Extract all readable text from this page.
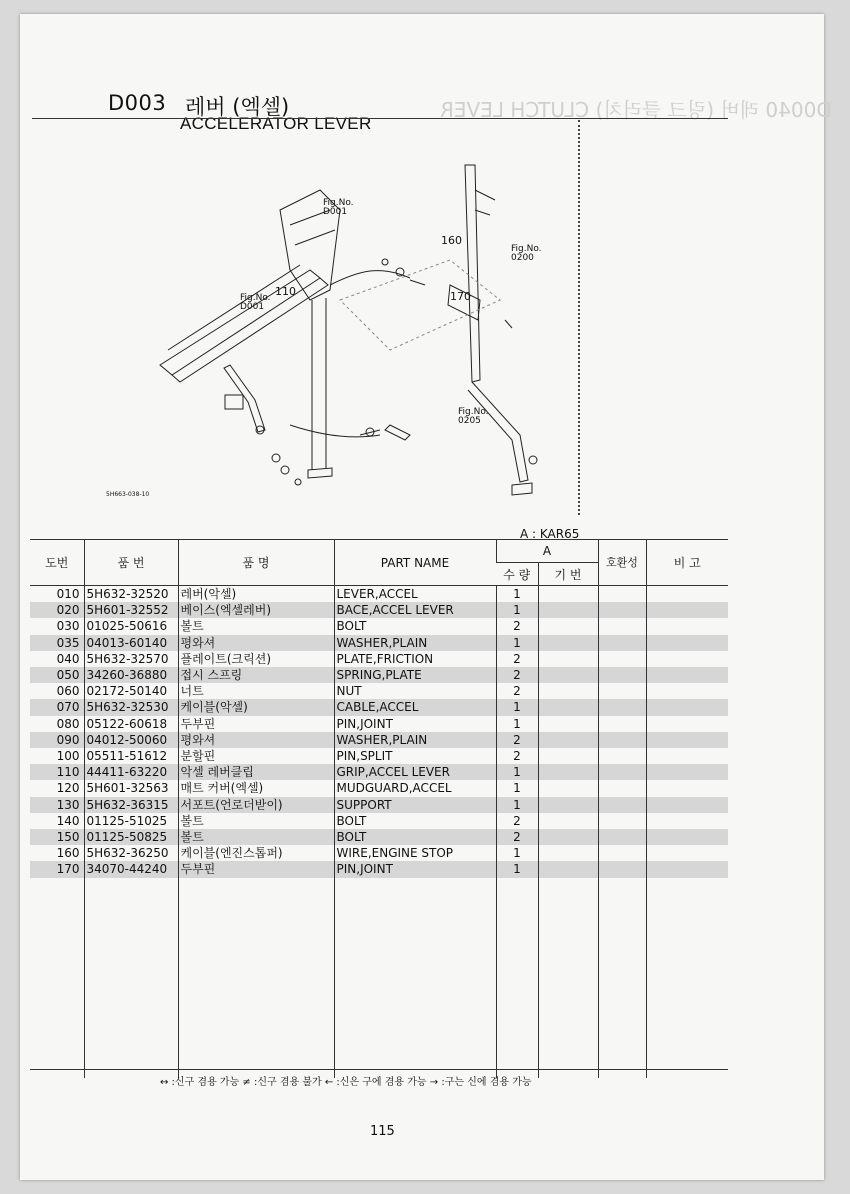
D0040 레버 (링크 클러치) CLUTCH LEVER
D003 레버 (엑셀)
ACCELERATOR LEVER
Fig.No.
D001
Fig.No.
D001
Fig.No.
0200
Fig.No.
0205
110
160
170
5H663-038-10
A : KAR65
도번	품 번	품 명	PART NAME	A		호환성	비 고
				수 량	기 번		
010	5H632-32520	레버(악셀)	LEVER,ACCEL	1			
020	5H601-32552	베이스(엑셀레버)	BACE,ACCEL LEVER	1			
030	01025-50616	볼트	BOLT	2			
035	04013-60140	평와셔	WASHER,PLAIN	1			
040	5H632-32570	플레이트(크릭션)	PLATE,FRICTION	2			
050	34260-36880	접시 스프링	SPRING,PLATE	2			
060	02172-50140	너트	NUT	2			
070	5H632-32530	케이블(악셀)	CABLE,ACCEL	1			
080	05122-60618	두부핀	PIN,JOINT	1			
090	04012-50060	평와셔	WASHER,PLAIN	2			
100	05511-51612	분할핀	PIN,SPLIT	2			
110	44411-63220	악셀 레버클립	GRIP,ACCEL LEVER	1			
120	5H601-32563	매트 커버(엑셀)	MUDGUARD,ACCEL	1			
130	5H632-36315	서포트(언로더받이)	SUPPORT	1			
140	01125-51025	볼트	BOLT	2			
150	01125-50825	볼트	BOLT	2			
160	5H632-36250	케이블(엔진스톱퍼)	WIRE,ENGINE STOP	1			
170	34070-44240	두부핀	PIN,JOINT	1			

↔ :신구 겸용 가능 ≠ :신구 겸용 불가 ← :신은 구에 겸용 가능 → :구는 신에 겸용 가능
115
